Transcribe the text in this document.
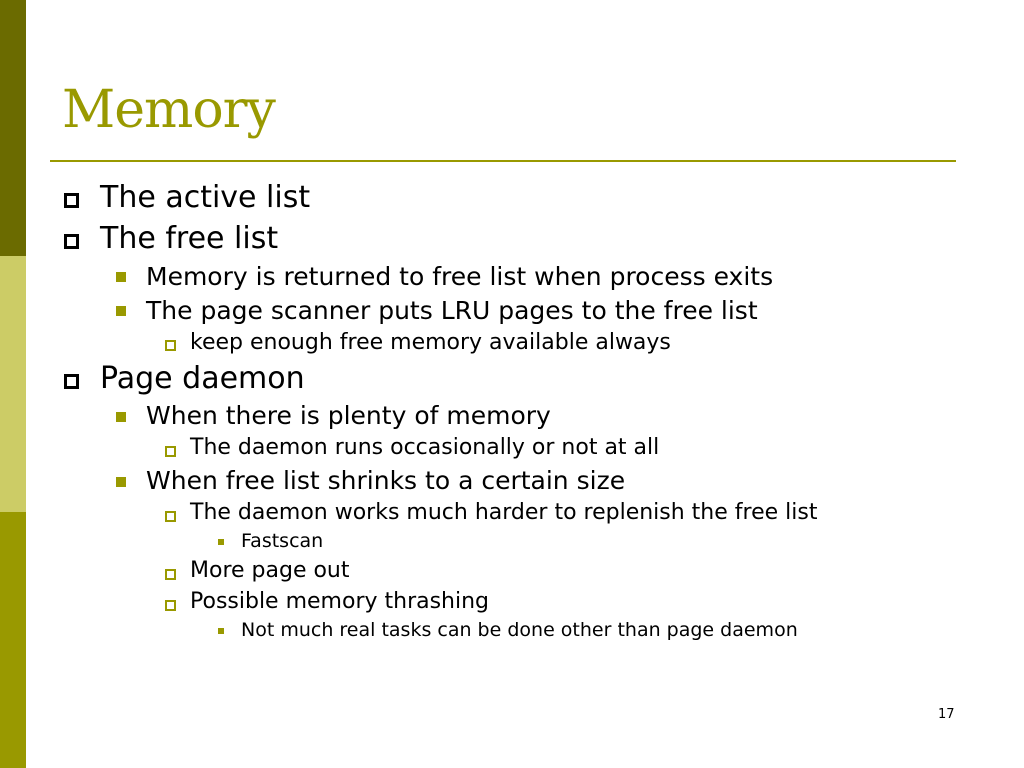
Memory
The active list
The free list
Memory is returned to free list when process exits
The page scanner puts LRU pages to the free list
keep enough free memory available always
Page daemon
When there is plenty of memory
The daemon runs occasionally or not at all
When free list shrinks to a certain size
The daemon works much harder to replenish the free list
Fastscan
More page out
Possible memory thrashing
Not much real tasks can be done other than page daemon
17
